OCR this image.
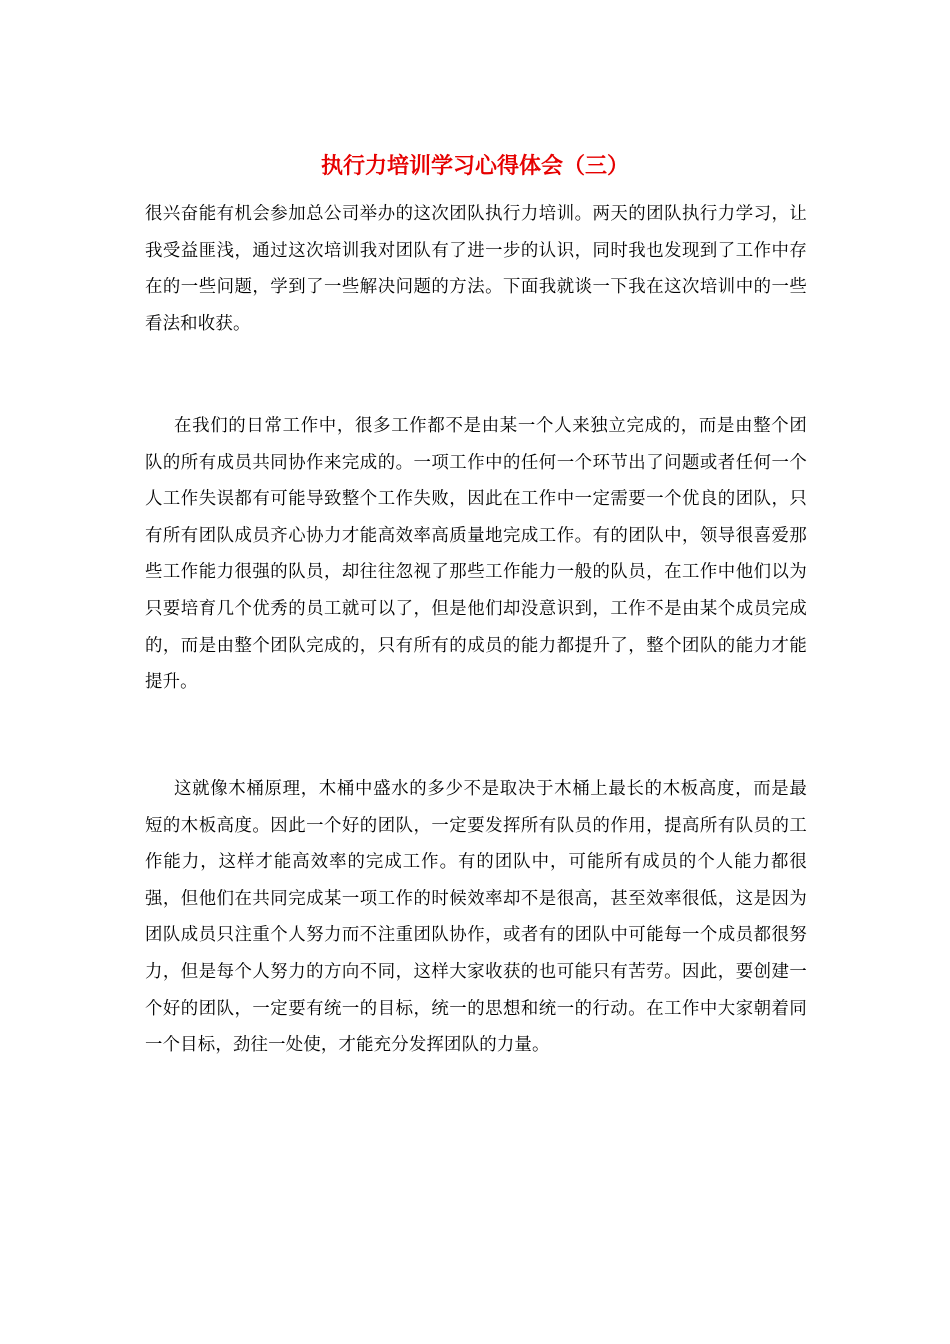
执行力培训学习心得体会（三）

很兴奋能有机会参加总公司举办的这次团队执行力培训。两天的团队执行力学习，让我受益匪浅，通过这次培训我对团队有了进一步的认识，同时我也发现到了工作中存在的一些问题，学到了一些解决问题的方法。下面我就谈一下我在这次培训中的一些看法和收获。

在我们的日常工作中，很多工作都不是由某一个人来独立完成的，而是由整个团队的所有成员共同协作来完成的。一项工作中的任何一个环节出了问题或者任何一个人工作失误都有可能导致整个工作失败，因此在工作中一定需要一个优良的团队，只有所有团队成员齐心协力才能高效率高质量地完成工作。有的团队中，领导很喜爱那些工作能力很强的队员，却往往忽视了那些工作能力一般的队员，在工作中他们以为只要培育几个优秀的员工就可以了，但是他们却没意识到，工作不是由某个成员完成的，而是由整个团队完成的，只有所有的成员的能力都提升了，整个团队的能力才能提升。

这就像木桶原理，木桶中盛水的多少不是取决于木桶上最长的木板高度，而是最短的木板高度。因此一个好的团队，一定要发挥所有队员的作用，提高所有队员的工作能力，这样才能高效率的完成工作。有的团队中，可能所有成员的个人能力都很强，但他们在共同完成某一项工作的时候效率却不是很高，甚至效率很低，这是因为团队成员只注重个人努力而不注重团队协作，或者有的团队中可能每一个成员都很努力，但是每个人努力的方向不同，这样大家收获的也可能只有苦劳。因此，要创建一个好的团队，一定要有统一的目标，统一的思想和统一的行动。在工作中大家朝着同一个目标，劲往一处使，才能充分发挥团队的力量。
